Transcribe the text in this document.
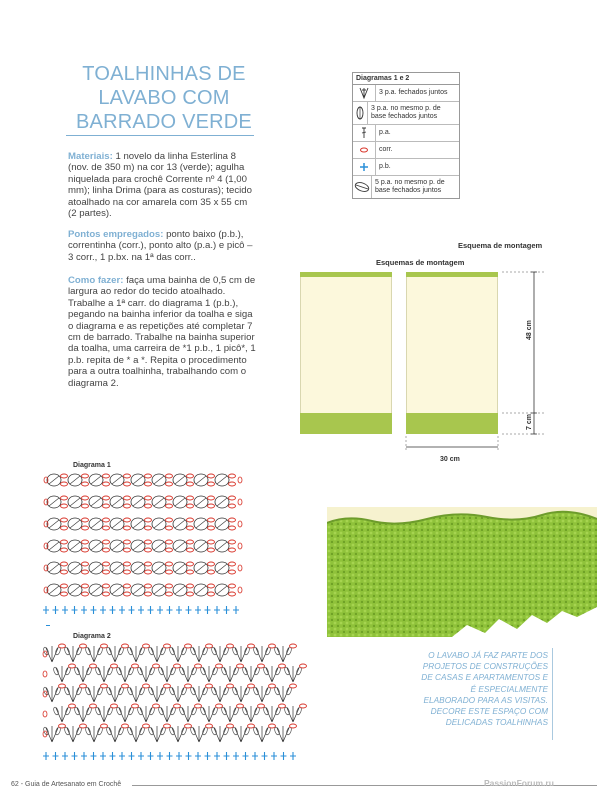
TOALHINHAS DE
LAVABO COM
BARRADO VERDE
Materiais: 1 novelo da linha Esterlina 8 (nov. de 350 m) na cor 13 (verde); agulha niquelada para crochê Corrente nº 4 (1,00 mm); linha Drima (para as costuras); tecido atoalhado na cor amarela com 35 x 55 cm (2 partes).
Pontos empregados: ponto baixo (p.b.), correntinha (corr.), ponto alto (p.a.) e picô – 3 corr., 1 p.bx. na 1ª das corr..
Como fazer: faça uma bainha de 0,5 cm de largura ao redor do tecido atoalhado. Trabalhe a 1ª carr. do diagrama 1 (p.b.), pegando na bainha inferior da toalha e siga o diagrama e as repetições até completar 7 cm de barrado. Trabalhe na bainha superior da toalha, uma carreira de *1 p.b., 1 picô*, 1 p.b. repita de * a *. Repita o procedimento para a outra toalhinha, trabalhando com o diagrama 2.
Diagramas 1 e 2
3 p.a. fechados juntos
3 p.a. no mesmo p. de base fechados juntos
p.a.
corr.
p.b.
5 p.a. no mesmo p. de base fechados juntos
Esquema de montagem
Esquemas de montagem
48 cm
7 cm
30 cm
Diagrama 1
Diagrama 2
O LAVABO JÁ FAZ PARTE DOS PROJETOS DE CONSTRUÇÕES DE CASAS E APARTAMENTOS E É ESPECIALMENTE ELABORADO PARA AS VISITAS. DECORE ESTE ESPAÇO COM DELICADAS TOALHINHAS
62 - Guia de Artesanato em Crochê	PassionForum.ru
